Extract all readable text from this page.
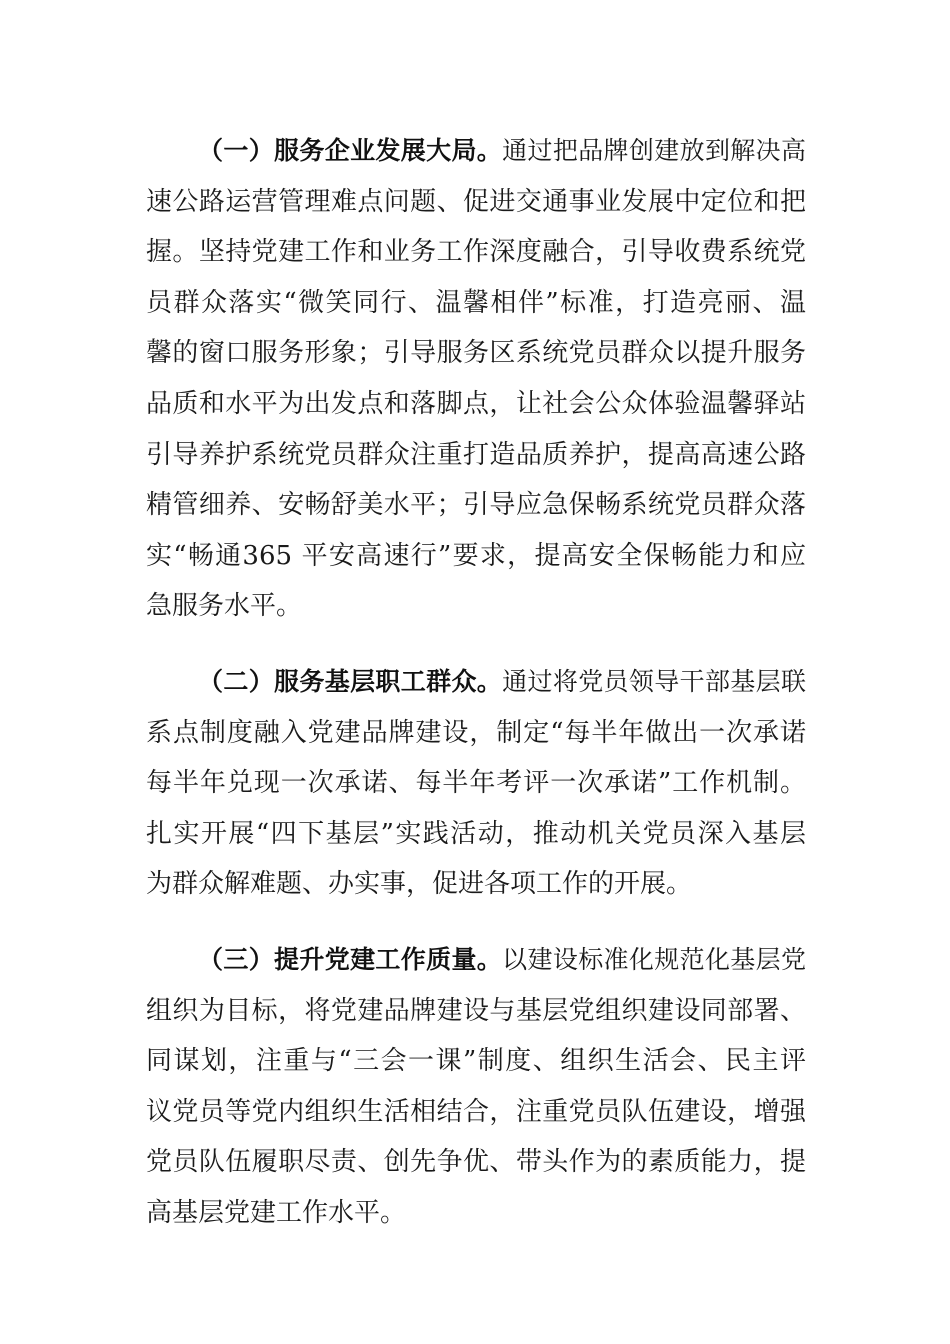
（一）服务企业发展大局。通过把品牌创建放到解决高
速公路运营管理难点问题、促进交通事业发展中定位和把
握。坚持党建工作和业务工作深度融合，引导收费系统党
员群众落实“微笑同行、温馨相伴”标准，打造亮丽、温
馨的窗口服务形象；引导服务区系统党员群众以提升服务
品质和水平为出发点和落脚点，让社会公众体验温馨驿站
引导养护系统党员群众注重打造品质养护，提高高速公路
精管细养、安畅舒美水平；引导应急保畅系统党员群众落
实“畅通365 平安高速行”要求，提高安全保畅能力和应
急服务水平。
（二）服务基层职工群众。通过将党员领导干部基层联
系点制度融入党建品牌建设，制定“每半年做出一次承诺
每半年兑现一次承诺、每半年考评一次承诺”工作机制。
扎实开展“四下基层”实践活动，推动机关党员深入基层
为群众解难题、办实事，促进各项工作的开展。
（三）提升党建工作质量。以建设标准化规范化基层党
组织为目标，将党建品牌建设与基层党组织建设同部署、
同谋划，注重与“三会一课”制度、组织生活会、民主评
议党员等党内组织生活相结合，注重党员队伍建设，增强
党员队伍履职尽责、创先争优、带头作为的素质能力，提
高基层党建工作水平。
